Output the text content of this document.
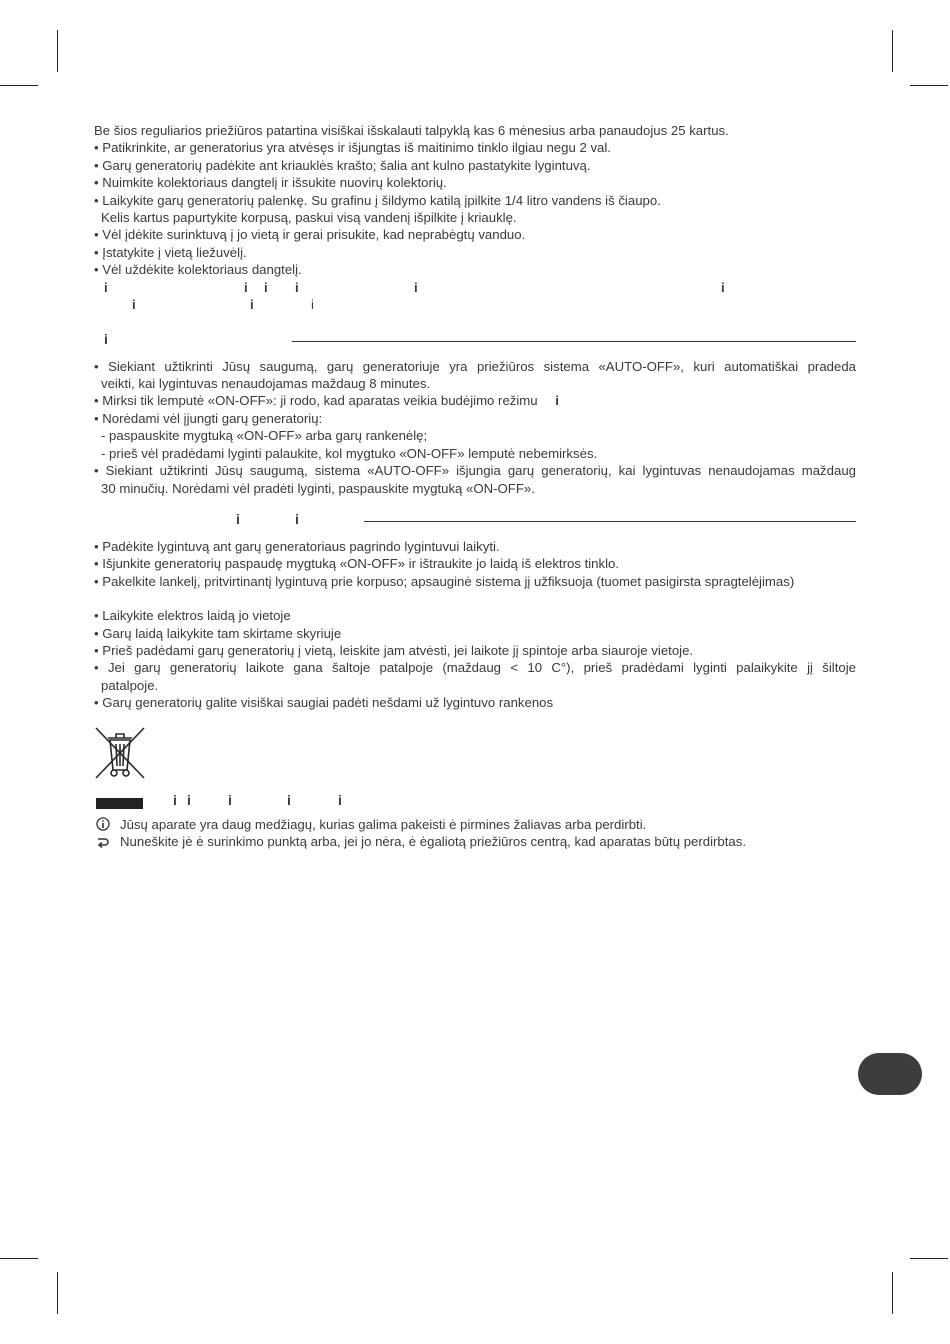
Be šios reguliarios priežiūros patartina visiškai išskalauti talpyklą kas 6 mėnesius arba panaudojus 25 kartus.
• Patikrinkite, ar generatorius yra atvėsęs ir išjungtas iš maitinimo tinklo ilgiau negu 2 val.
• Garų generatorių padėkite ant kriauklės krašto; šalia ant kulno pastatykite lygintuvą.
• Nuimkite kolektoriaus dangtelį ir išsukite nuovirų kolektorių.
• Laikykite garų generatorių palenkę. Su grafinu į šildymo katilą įpilkite 1/4 litro vandens iš čiaupo.
Kelis kartus papurtykite korpusą, paskui visą vandenį išpilkite į kriauklę.
• Vėl įdėkite surinktuvą į jo vietą ir gerai prisukite, kad neprabėgtų vanduo.
• Įstatykite į vietą liežuvėlį.
• Vėl uždėkite kolektoriaus dangtelį.
i	i i i	i	i
i	i	i
i
• Siekiant užtikrinti Jūsų saugumą, garų generatoriuje yra priežiūros sistema «AUTO-OFF», kuri automatiškai pradeda
veikti, kai lygintuvas nenaudojamas maždaug 8 minutes.
• Mirksi tik lemputė «ON-OFF»: ji rodo, kad aparatas veikia budėjimo režimu i
• Norėdami vėl įjungti garų generatorių:
- paspauskite mygtuką «ON-OFF» arba garų rankenėlę;
- prieš vėl pradėdami lyginti palaukite, kol mygtuko «ON-OFF» lemputė nebemirksės.
• Siekiant užtikrinti Jūsų saugumą, sistema «AUTO-OFF» išjungia garų generatorių, kai lygintuvas nenaudojamas maždaug
30 minučių. Norėdami vėl pradėti lyginti, paspauskite mygtuką «ON-OFF».
i	i
• Padėkite lygintuvą ant garų generatoriaus pagrindo lygintuvui laikyti.
• Išjunkite generatorių paspaudę mygtuką «ON-OFF» ir ištraukite jo laidą iš elektros tinklo.
• Pakelkite lankelį, pritvirtinantį lygintuvą prie korpuso; apsauginė sistema jį užfiksuoja (tuomet pasigirsta spragtelėjimas)
• Laikykite elektros laidą jo vietoje
• Garų laidą laikykite tam skirtame skyriuje
• Prieš padėdami garų generatorių į vietą, leiskite jam atvėsti, jei laikote jį spintoje arba siauroje vietoje.
• Jei garų generatorių laikote gana šaltoje patalpoje (maždaug < 10 C°), prieš pradėdami lyginti palaikykite jį šiltoje
patalpoje.
• Garų generatorių galite visiškai saugiai padėti nešdami už lygintuvo rankenos
i i	i	i	i
Jūsų aparate yra daug medžiagų, kurias galima pakeisti ė pirmines žaliavas arba perdirbti.
Nuneškite jė ė surinkimo punktą arba, jei jo nėra, ė ėgaliotą priežiūros centrą, kad aparatas būtų perdirbtas.
